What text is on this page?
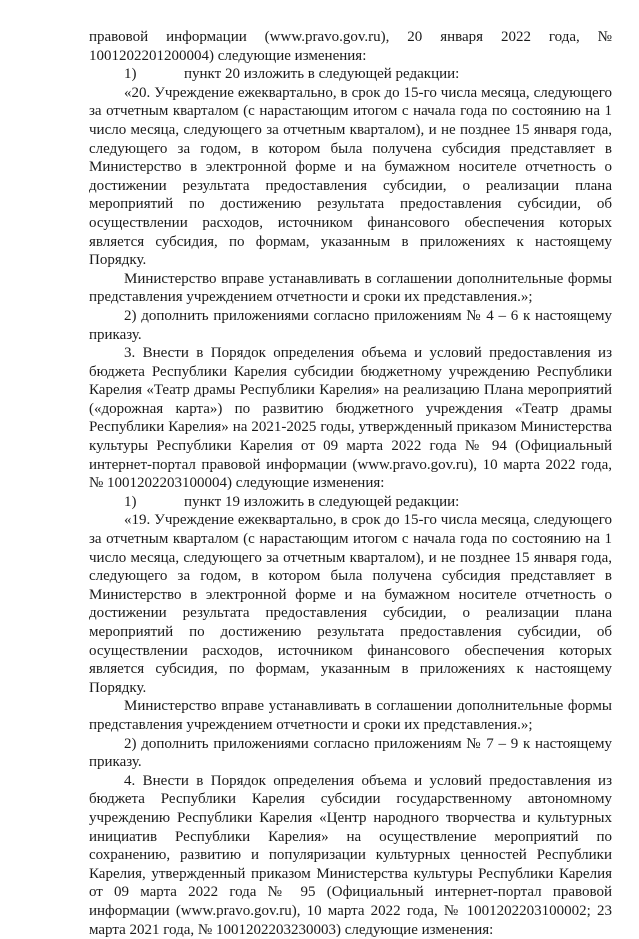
правовой информации (www.pravo.gov.ru), 20 января 2022 года, № 1001202201200004) следующие изменения:

1)	пункт 20 изложить в следующей редакции:

«20. Учреждение ежеквартально, в срок до 15-го числа месяца, следующего за отчетным кварталом (с нарастающим итогом с начала года по состоянию на 1 число месяца, следующего за отчетным кварталом), и не позднее 15 января года, следующего за годом, в котором была получена субсидия представляет в Министерство в электронной форме и на бумажном носителе отчетность о достижении результата предоставления субсидии, о реализации плана мероприятий по достижению результата предоставления субсидии, об осуществлении расходов, источником финансового обеспечения которых является субсидия, по формам, указанным в приложениях к настоящему Порядку.

Министерство вправе устанавливать в соглашении дополнительные формы представления учреждением отчетности и сроки их представления.»;

2) дополнить приложениями согласно приложениям № 4 – 6 к настоящему приказу.

3. Внести в Порядок определения объема и условий предоставления из бюджета Республики Карелия субсидии бюджетному учреждению Республики Карелия «Театр драмы Республики Карелия» на реализацию Плана мероприятий («дорожная карта») по развитию бюджетного учреждения «Театр драмы Республики Карелия» на 2021-2025 годы, утвержденный приказом Министерства культуры Республики Карелия от 09 марта 2022 года № 94 (Официальный интернет-портал правовой информации (www.pravo.gov.ru), 10 марта 2022 года, № 1001202203100004) следующие изменения:

1)	пункт 19 изложить в следующей редакции:

«19. Учреждение ежеквартально, в срок до 15-го числа месяца, следующего за отчетным кварталом (с нарастающим итогом с начала года по состоянию на 1 число месяца, следующего за отчетным кварталом), и не позднее 15 января года, следующего за годом, в котором была получена субсидия представляет в Министерство в электронной форме и на бумажном носителе отчетность о достижении результата предоставления субсидии, о реализации плана мероприятий по достижению результата предоставления субсидии, об осуществлении расходов, источником финансового обеспечения которых является субсидия, по формам, указанным в приложениях к настоящему Порядку.

Министерство вправе устанавливать в соглашении дополнительные формы представления учреждением отчетности и сроки их представления.»;

2) дополнить приложениями согласно приложениям № 7 – 9 к настоящему приказу.

4. Внести в Порядок определения объема и условий предоставления из бюджета Республики Карелия субсидии государственному автономному учреждению Республики Карелия «Центр народного творчества и культурных инициатив Республики Карелия» на осуществление мероприятий по сохранению, развитию и популяризации культурных ценностей Республики Карелия, утвержденный приказом Министерства культуры Республики Карелия от 09 марта 2022 года № 95 (Официальный интернет-портал правовой информации (www.pravo.gov.ru), 10 марта 2022 года, № 1001202203100002; 23 марта 2021 года, № 1001202203230003) следующие изменения:
